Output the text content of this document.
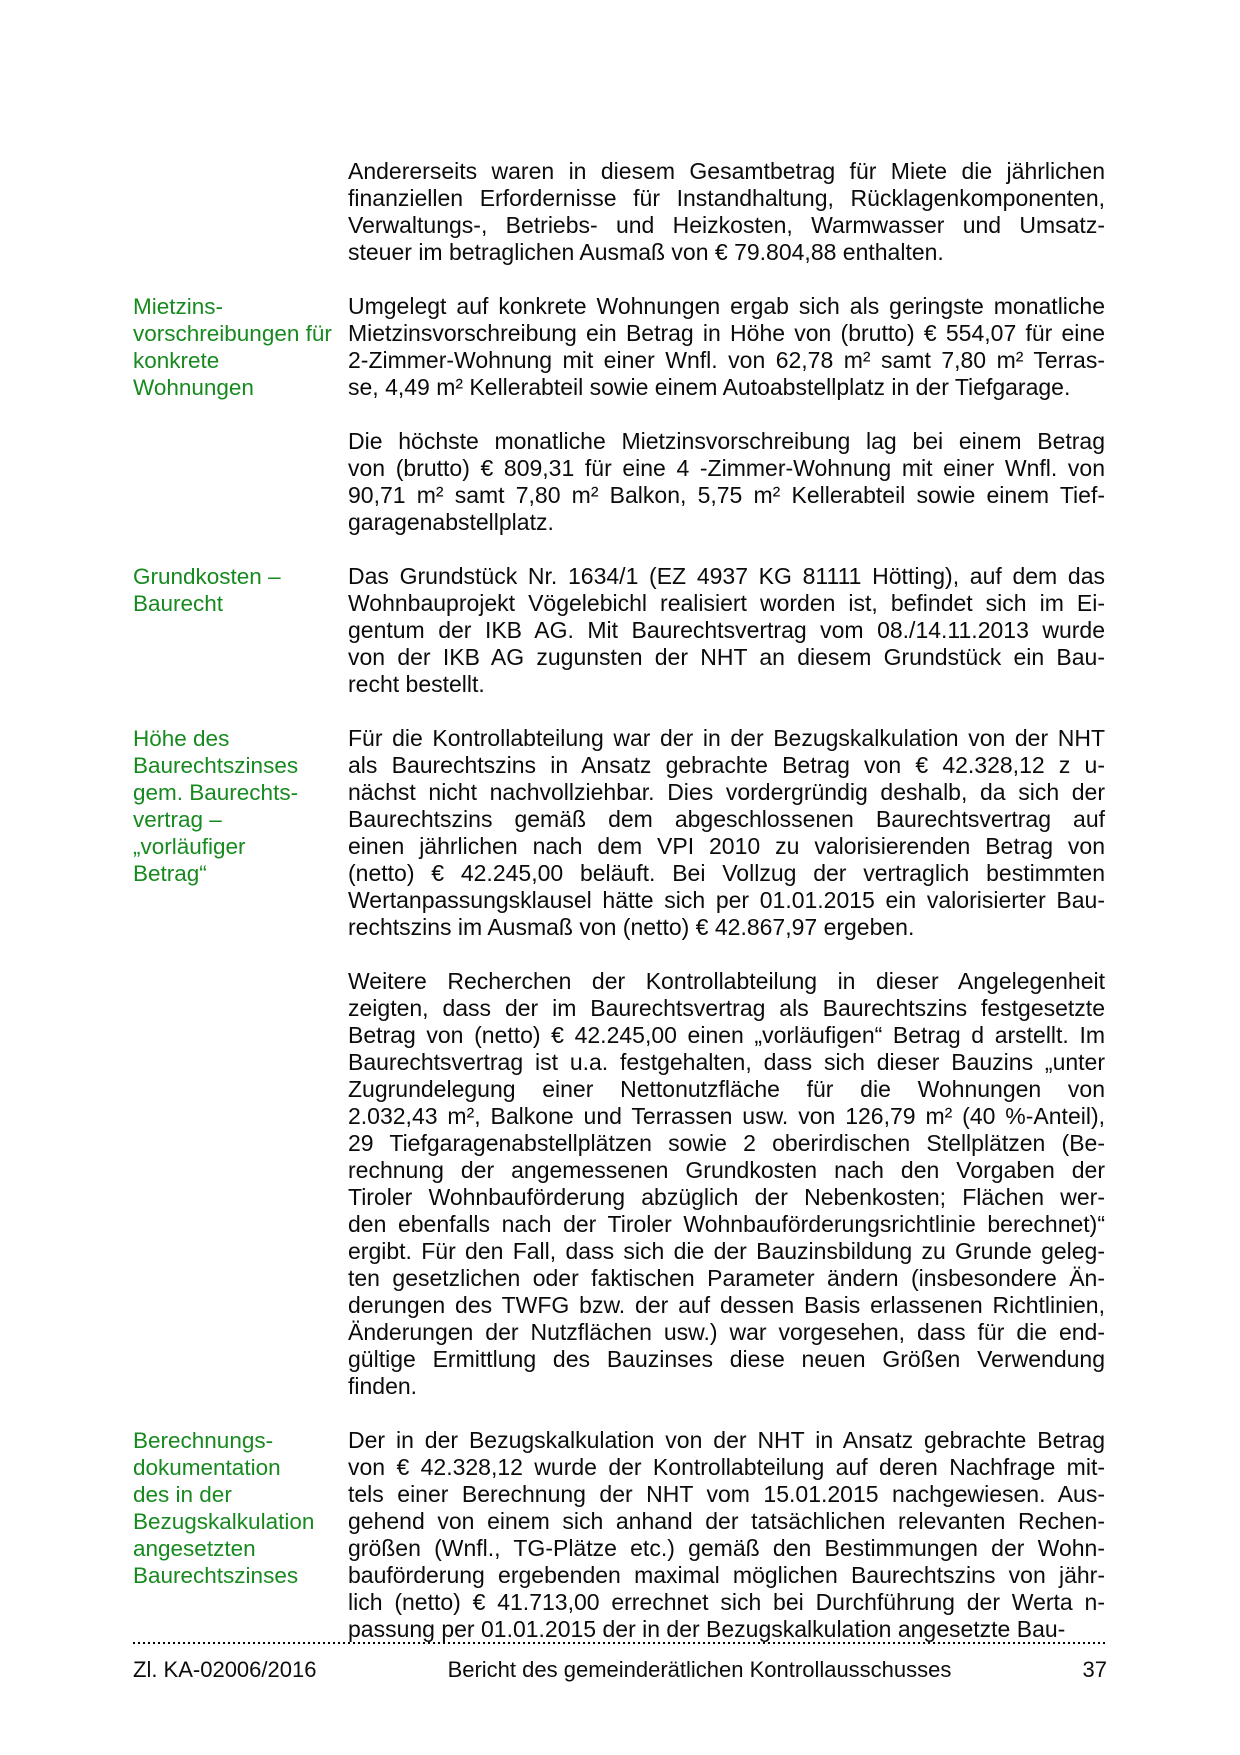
Andererseits waren in diesem Gesamtbetrag für Miete die jährlichen
finanziellen Erfordernisse für Instandhaltung, Rücklagenkomponenten,
Verwaltungs-, Betriebs- und Heizkosten, Warmwasser und Umsatz-
steuer im betraglichen Ausmaß von € 79.804,88 enthalten.
Mietzins-
vorschreibungen für
konkrete Wohnungen
Umgelegt auf konkrete Wohnungen ergab sich als geringste monatliche
Mietzinsvorschreibung ein Betrag in Höhe von (brutto) € 554,07 für eine
2-Zimmer-Wohnung mit einer Wnfl. von 62,78 m² samt 7,80 m² Terras-
se, 4,49 m² Kellerabteil sowie einem Autoabstellplatz in der Tiefgarage.
Die höchste monatliche Mietzinsvorschreibung lag bei einem Betrag
von (brutto) € 809,31 für eine 4 -Zimmer-Wohnung mit einer Wnfl. von
90,71 m² samt 7,80 m² Balkon, 5,75 m² Kellerabteil sowie einem Tief-
garagenabstellplatz.
Grundkosten –
Baurecht
Das Grundstück Nr. 1634/1 (EZ 4937 KG 81111 Hötting), auf dem das
Wohnbauprojekt Vögelebichl realisiert worden ist, befindet sich im Ei-
gentum der IKB AG. Mit Baurechtsvertrag vom 08./14.11.2013 wurde
von der IKB AG zugunsten der NHT an diesem Grundstück ein Bau-
recht bestellt.
Höhe des
Baurechtszinses
gem. Baurechts-
vertrag – „vorläufiger
Betrag“
Für die Kontrollabteilung war der in der Bezugskalkulation von der NHT
als Baurechtszins in Ansatz gebrachte Betrag von € 42.328,12 z u-
nächst nicht nachvollziehbar. Dies vordergründig deshalb, da sich der
Baurechtszins gemäß dem abgeschlossenen Baurechtsvertrag auf
einen jährlichen nach dem VPI 2010 zu valorisierenden Betrag von
(netto) € 42.245,00 beläuft. Bei Vollzug der vertraglich bestimmten
Wertanpassungsklausel hätte sich per 01.01.2015 ein valorisierter Bau-
rechtszins im Ausmaß von (netto) € 42.867,97 ergeben.
Weitere Recherchen der Kontrollabteilung in dieser Angelegenheit
zeigten, dass der im Baurechtsvertrag als Baurechtszins festgesetzte
Betrag von (netto) € 42.245,00 einen „vorläufigen“ Betrag d arstellt. Im
Baurechtsvertrag ist u.a. festgehalten, dass sich dieser Bauzins „unter
Zugrundelegung einer Nettonutzfläche für die Wohnungen von
2.032,43 m², Balkone und Terrassen usw. von 126,79 m² (40 %-Anteil),
29 Tiefgaragenabstellplätzen sowie 2 oberirdischen Stellplätzen (Be-
rechnung der angemessenen Grundkosten nach den Vorgaben der
Tiroler Wohnbauförderung abzüglich der Nebenkosten; Flächen wer-
den ebenfalls nach der Tiroler Wohnbauförderungsrichtlinie berechnet)“
ergibt. Für den Fall, dass sich die der Bauzinsbildung zu Grunde geleg-
ten gesetzlichen oder faktischen Parameter ändern (insbesondere Än-
derungen des TWFG bzw. der auf dessen Basis erlassenen Richtlinien,
Änderungen der Nutzflächen usw.) war vorgesehen, dass für die end-
gültige Ermittlung des Bauzinses diese neuen Größen Verwendung
finden.
Berechnungs-
dokumentation
des in der
Bezugskalkulation
angesetzten
Baurechtszinses
Der in der Bezugskalkulation von der NHT in Ansatz gebrachte Betrag
von € 42.328,12 wurde der Kontrollabteilung auf deren Nachfrage mit-
tels einer Berechnung der NHT vom 15.01.2015 nachgewiesen. Aus-
gehend von einem sich anhand der tatsächlichen relevanten Rechen-
größen (Wnfl., TG-Plätze etc.) gemäß den Bestimmungen der Wohn-
bauförderung ergebenden maximal möglichen Baurechtszins von jähr-
lich (netto) € 41.713,00 errechnet sich bei Durchführung der Werta n-
passung per 01.01.2015 der in der Bezugskalkulation angesetzte Bau-
Zl. KA-02006/2016	Bericht des gemeinderätlichen Kontrollausschusses	37
